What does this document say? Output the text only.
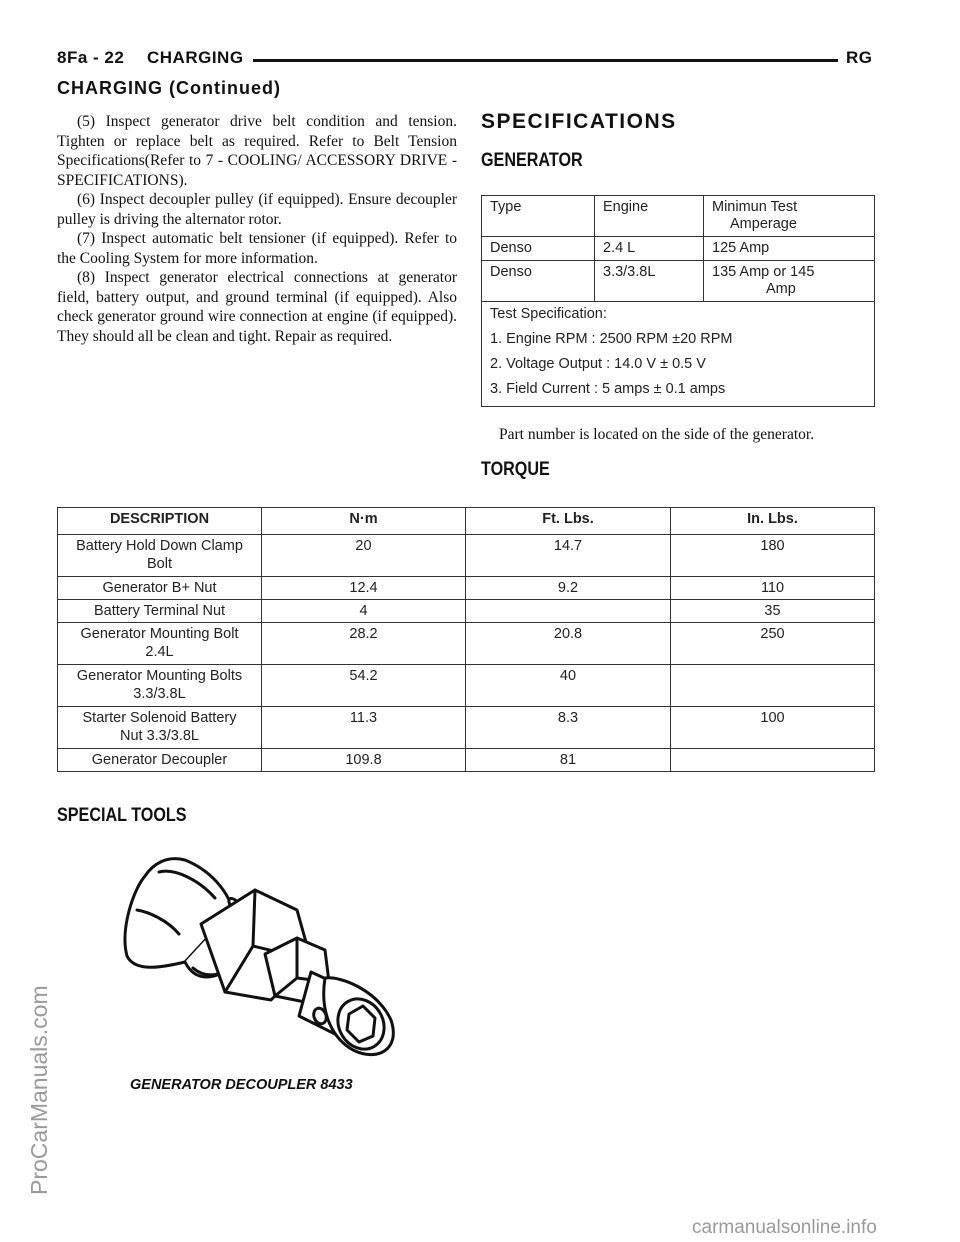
8Fa - 22 CHARGING	RG
CHARGING (Continued)

(5) Inspect generator drive belt condition and tension. Tighten or replace belt as required. Refer to Belt Tension Specifications(Refer to 7 - COOLING/ ACCESSORY DRIVE - SPECIFICATIONS).

(6) Inspect decoupler pulley (if equipped). Ensure decoupler pulley is driving the alternator rotor.

(7) Inspect automatic belt tensioner (if equipped). Refer to the Cooling System for more information.

(8) Inspect generator electrical connections at generator field, battery output, and ground terminal (if equipped). Also check generator ground wire connection at engine (if equipped). They should all be clean and tight. Repair as required.

SPECIFICATIONS
GENERATOR
Type	Engine	Minimun Test
Amperage

Denso	2.4 L	125 Amp
Denso	3.3/3.8L	135 Amp or 145
Amp

Test Specification:
1. Engine RPM : 2500 RPM ±20 RPM
2. Voltage Output : 14.0 V ± 0.5 V
3. Field Current : 5 amps ± 0.1 amps		
Part number is located on the side of the generator.
TORQUE
DESCRIPTION	N·m	Ft. Lbs.	In. Lbs.
Battery Hold Down Clamp
Bolt	20	14.7	180
Generator B+ Nut	12.4	9.2	110
Battery Terminal Nut	4		35
Generator Mounting Bolt
2.4L	28.2	20.8	250
Generator Mounting Bolts
3.3/3.8L	54.2	40	
Starter Solenoid Battery
Nut 3.3/3.8L	11.3	8.3	100
Generator Decoupler	109.8	81	
SPECIAL TOOLS
GENERATOR DECOUPLER 8433
ProCarManuals.com
carmanualsonline.info
